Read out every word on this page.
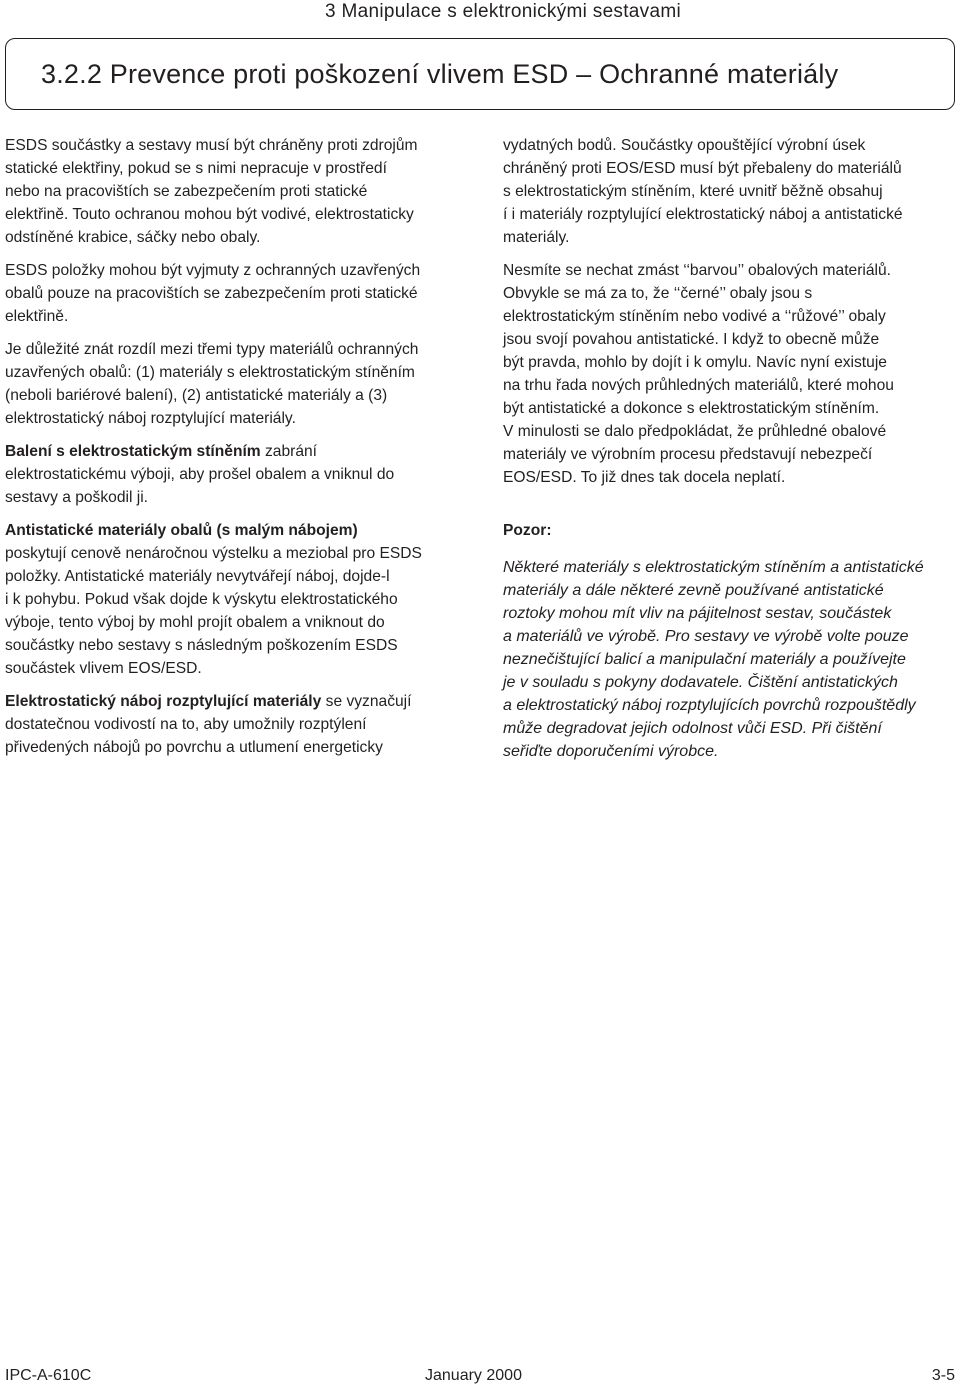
3 Manipulace s elektronickými sestavami
3.2.2 Prevence proti poškození vlivem ESD – Ochranné materiály

ESDS součástky a sestavy musí být chráněny proti zdrojům
statické elektřiny, pokud se s nimi nepracuje v prostředí
nebo na pracovištích se zabezpečením proti statické
elektřině. Touto ochranou mohou být vodivé, elektrostaticky
odstíněné krabice, sáčky nebo obaly.

ESDS položky mohou být vyjmuty z ochranných uzavřených
obalů pouze na pracovištích se zabezpečením proti statické
elektřině.

Je důležité znát rozdíl mezi třemi typy materiálů ochranných
uzavřených obalů: (1) materiály s elektrostatickým stíněním
(neboli bariérové balení), (2) antistatické materiály a (3)
elektrostatický náboj rozptylující materiály.

Balení s elektrostatickým stíněním zabrání
elektrostatickému výboji, aby prošel obalem a vniknul do
sestavy a poškodil ji.

Antistatické materiály obalů (s malým nábojem)
poskytují cenově nenáročnou výstelku a meziobal pro ESDS
položky. Antistatické materiály nevytvářejí náboj, dojde-l
i k pohybu. Pokud však dojde k výskytu elektrostatického
výboje, tento výboj by mohl projít obalem a vniknout do
součástky nebo sestavy s následným poškozením ESDS
součástek vlivem EOS/ESD.

Elektrostatický náboj rozptylující materiály se vyznačují
dostatečnou vodivostí na to, aby umožnily rozptýlení
přivedených nábojů po povrchu a utlumení energeticky

vydatných bodů. Součástky opouštějící výrobní úsek
chráněný proti EOS/ESD musí být přebaleny do materiálů
s elektrostatickým stíněním, které uvnitř běžně obsahuj
í i materiály rozptylující elektrostatický náboj a antistatické
materiály.

Nesmíte se nechat zmást ‘‘barvou’’ obalových materiálů.
Obvykle se má za to, že ‘‘černé’’ obaly jsou s
elektrostatickým stíněním nebo vodivé a ‘‘růžové’’ obaly
jsou svojí povahou antistatické. I když to obecně může
být pravda, mohlo by dojít i k omylu. Navíc nyní existuje
na trhu řada nových průhledných materiálů, které mohou
být antistatické a dokonce s elektrostatickým stíněním.
V minulosti se dalo předpokládat, že průhledné obalové
materiály ve výrobním procesu představují nebezpečí
EOS/ESD. To již dnes tak docela neplatí.

Pozor:

Některé materiály s elektrostatickým stíněním a antistatické
materiály a dále některé zevně používané antistatické
roztoky mohou mít vliv na pájitelnost sestav, součástek
a materiálů ve výrobě. Pro sestavy ve výrobě volte pouze
neznečištující balicí a manipulační materiály a používejte
je v souladu s pokyny dodavatele. Čištění antistatických
a elektrostatický náboj rozptylujících povrchů rozpouštědly
může degradovat jejich odolnost vůči ESD. Při čištění
seřiďte doporučeními výrobce.

IPC-A-610C	January 2000	3-5
